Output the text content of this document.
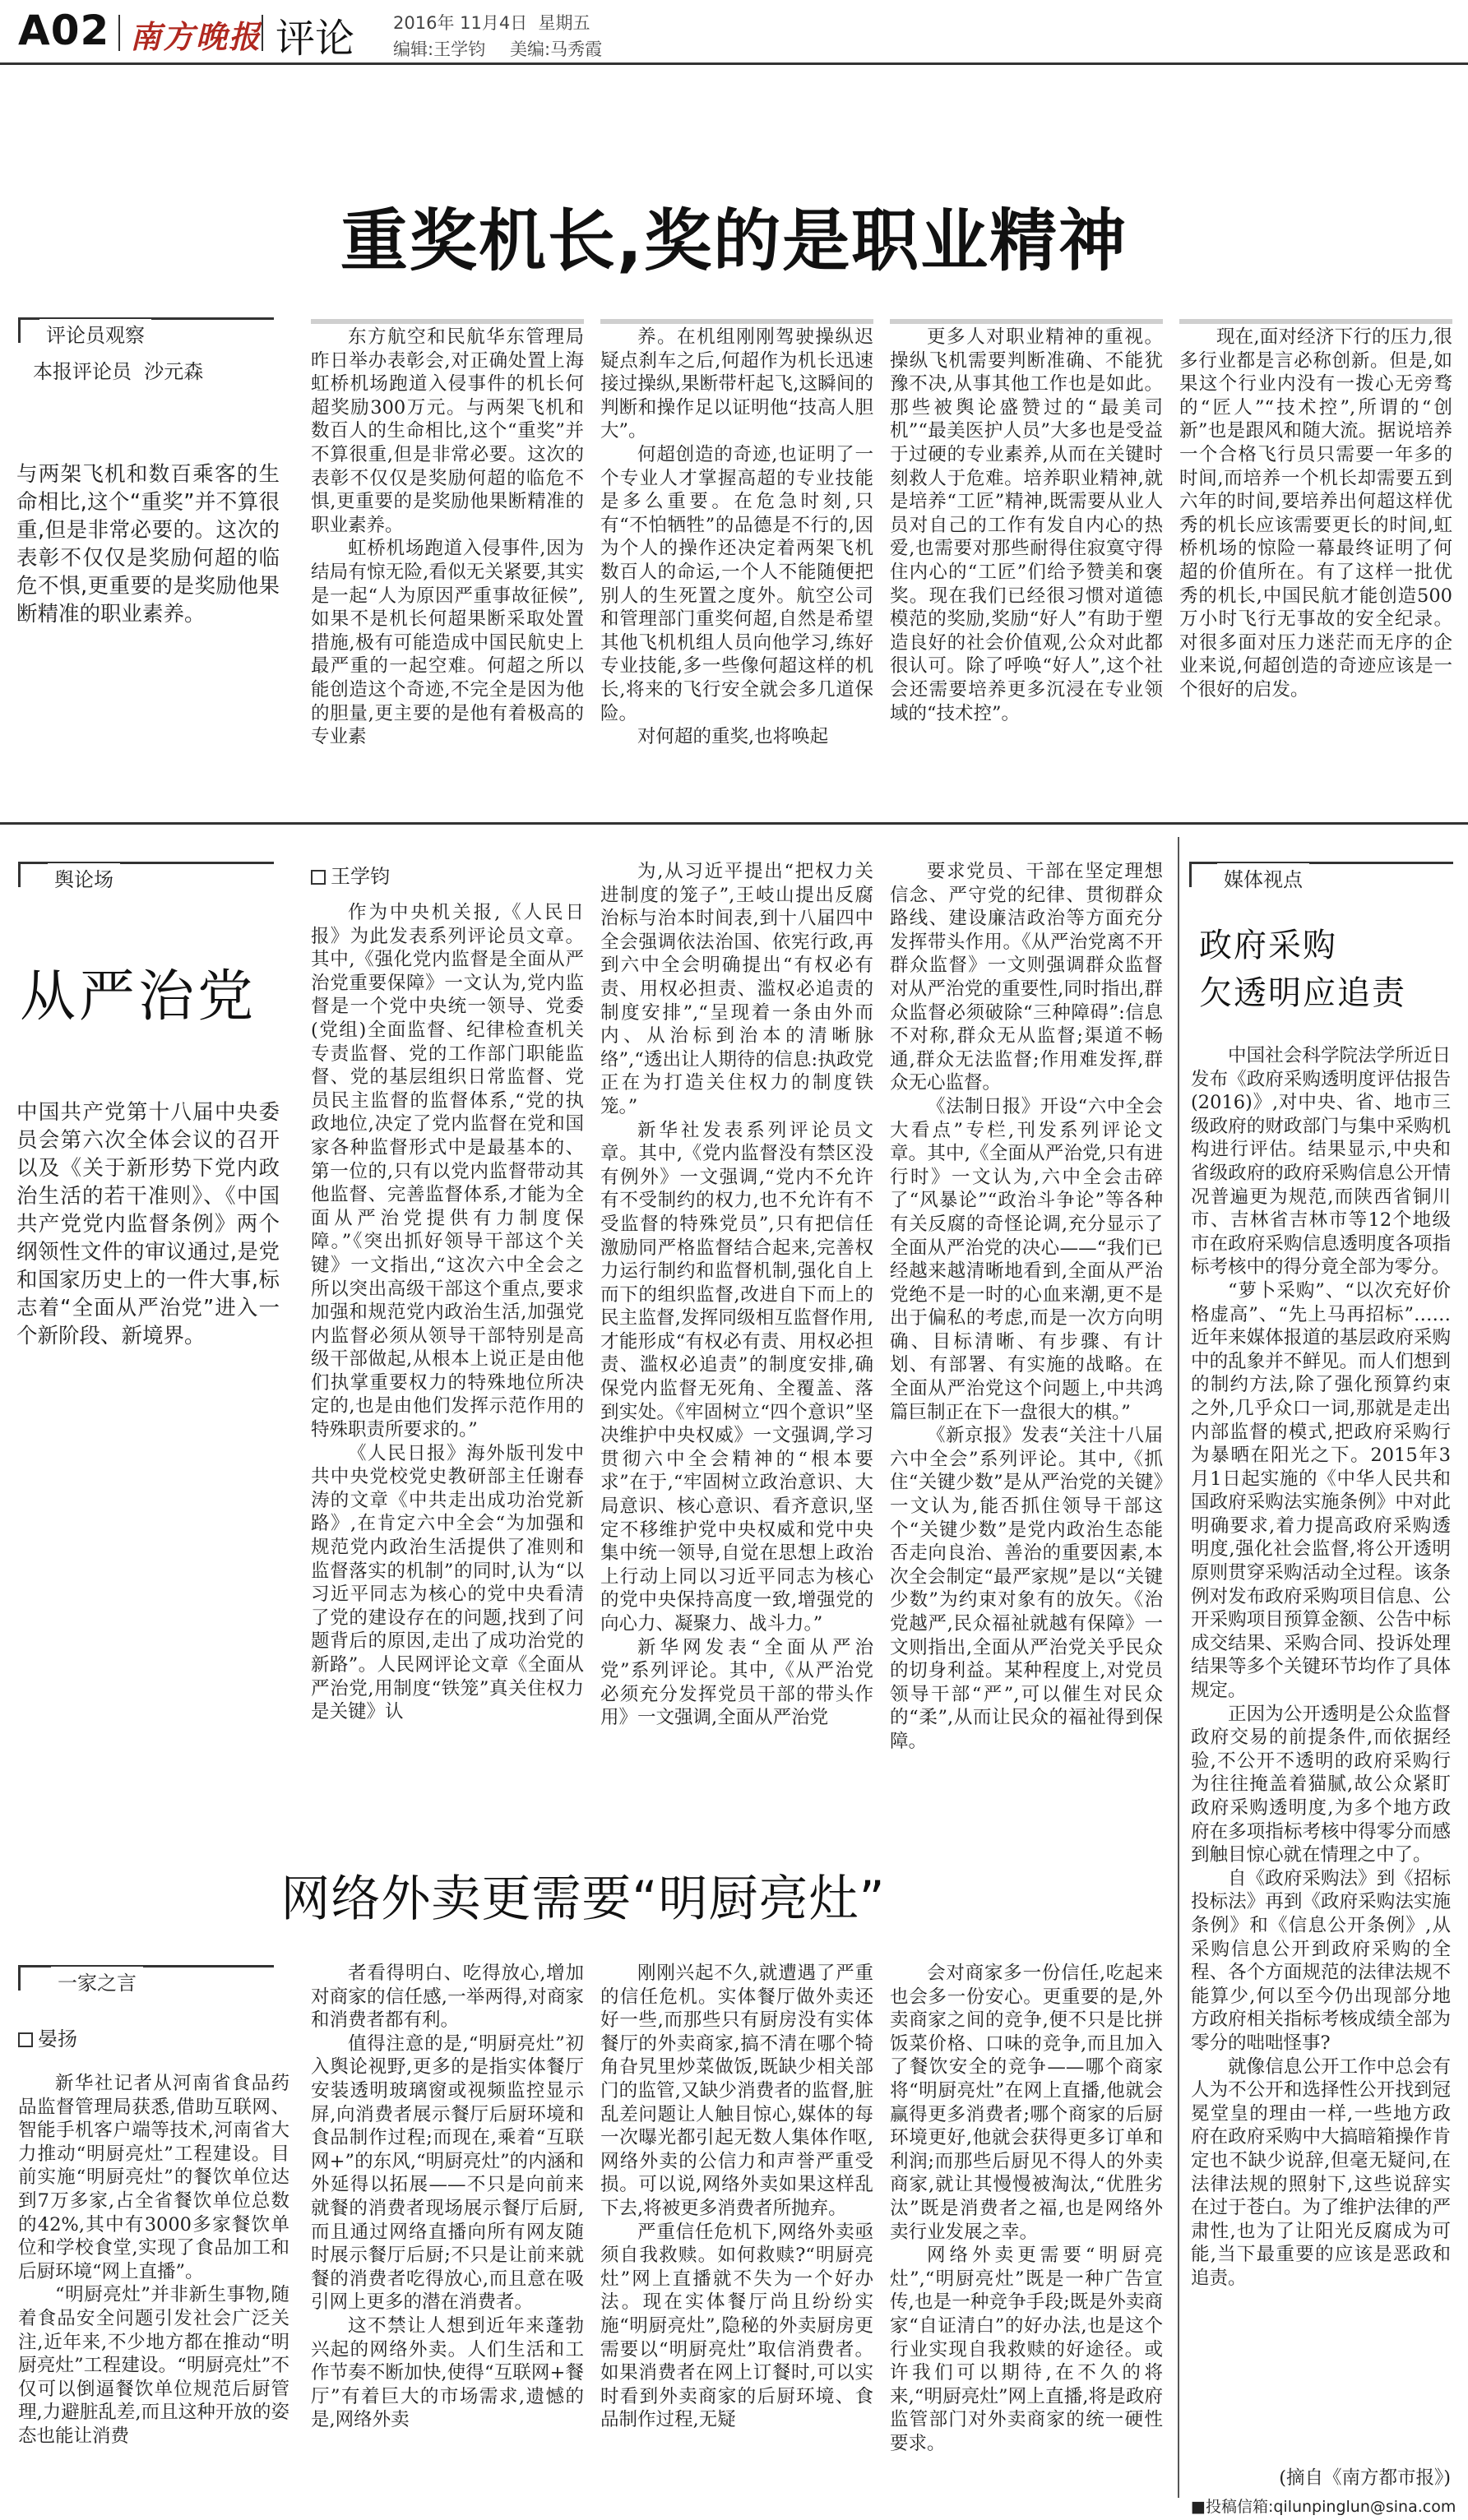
A02 南方晚报 评论 2016年 11月4日  星期五
编辑:王学钧 美编:马秀霞
重奖机长,奖的是职业精神
评论员观察
本报评论员  沙元森
与两架飞机和数百乘客的生命相比,这个“重奖”并不算很重,但是非常必要的。这次的表彰不仅仅是奖励何超的临危不惧,更重要的是奖励他果断精准的职业素养。

东方航空和民航华东管理局昨日举办表彰会,对正确处置上海虹桥机场跑道入侵事件的机长何超奖励300万元。与两架飞机和数百人的生命相比,这个“重奖”并不算很重,但是非常必要。这次的表彰不仅仅是奖励何超的临危不惧,更重要的是奖励他果断精准的职业素养。

虹桥机场跑道入侵事件,因为结局有惊无险,看似无关紧要,其实是一起“人为原因严重事故征候”,如果不是机长何超果断采取处置措施,极有可能造成中国民航史上最严重的一起空难。何超之所以能创造这个奇迹,不完全是因为他的胆量,更主要的是他有着极高的专业素

养。在机组刚刚驾驶操纵迟疑点刹车之后,何超作为机长迅速接过操纵,果断带杆起飞,这瞬间的判断和操作足以证明他“技高人胆大”。

何超创造的奇迹,也证明了一个专业人才掌握高超的专业技能是多么重要。在危急时刻,只有“不怕牺牲”的品德是不行的,因为个人的操作还决定着两架飞机数百人的命运,一个人不能随便把别人的生死置之度外。航空公司和管理部门重奖何超,自然是希望其他飞机机组人员向他学习,练好专业技能,多一些像何超这样的机长,将来的飞行安全就会多几道保险。

对何超的重奖,也将唤起

更多人对职业精神的重视。操纵飞机需要判断准确、不能犹豫不决,从事其他工作也是如此。那些被舆论盛赞过的“最美司机”“最美医护人员”大多也是受益于过硬的专业素养,从而在关键时刻救人于危难。培养职业精神,就是培养“工匠”精神,既需要从业人员对自己的工作有发自内心的热爱,也需要对那些耐得住寂寞守得住内心的“工匠”们给予赞美和褒奖。现在我们已经很习惯对道德模范的奖励,奖励“好人”有助于塑造良好的社会价值观,公众对此都很认可。除了呼唤“好人”,这个社会还需要培养更多沉浸在专业领域的“技术控”。

现在,面对经济下行的压力,很多行业都是言必称创新。但是,如果这个行业内没有一拨心无旁骛的“匠人”“技术控”,所谓的“创新”也是跟风和随大流。据说培养一个合格飞行员只需要一年多的时间,而培养一个机长却需要五到六年的时间,要培养出何超这样优秀的机长应该需要更长的时间,虹桥机场的惊险一幕最终证明了何超的价值所在。有了这样一批优秀的机长,中国民航才能创造500万小时飞行无事故的安全纪录。对很多面对压力迷茫而无序的企业来说,何超创造的奇迹应该是一个很好的启发。

舆论场
从严治党
中国共产党第十八届中央委员会第六次全体会议的召开以及《关于新形势下党内政治生活的若干准则》、《中国共产党党内监督条例》两个纲领性文件的审议通过,是党和国家历史上的一件大事,标志着“全面从严治党”进入一个新阶段、新境界。
王学钧

作为中央机关报,《人民日报》为此发表系列评论员文章。其中,《强化党内监督是全面从严治党重要保障》一文认为,党内监督是一个党中央统一领导、党委(党组)全面监督、纪律检查机关专责监督、党的工作部门职能监督、党的基层组织日常监督、党员民主监督的监督体系,“党的执政地位,决定了党内监督在党和国家各种监督形式中是最基本的、第一位的,只有以党内监督带动其他监督、完善监督体系,才能为全面从严治党提供有力制度保障。”《突出抓好领导干部这个关键》一文指出,“这次六中全会之所以突出高级干部这个重点,要求加强和规范党内政治生活,加强党内监督必须从领导干部特别是高级干部做起,从根本上说正是由他们执掌重要权力的特殊地位所决定的,也是由他们发挥示范作用的特殊职责所要求的。”

《人民日报》海外版刊发中共中央党校党史教研部主任谢春涛的文章《中共走出成功治党新路》,在肯定六中全会“为加强和规范党内政治生活提供了准则和监督落实的机制”的同时,认为“以习近平同志为核心的党中央看清了党的建设存在的问题,找到了问题背后的原因,走出了成功治党的新路”。人民网评论文章《全面从严治党,用制度“铁笼”真关住权力是关键》认

为,从习近平提出“把权力关进制度的笼子”,王岐山提出反腐治标与治本时间表,到十八届四中全会强调依法治国、依宪行政,再到六中全会明确提出“有权必有责、用权必担责、滥权必追责的制度安排”,“呈现着一条由外而内、从治标到治本的清晰脉络”,“透出让人期待的信息:执政党正在为打造关住权力的制度铁笼。”

新华社发表系列评论员文章。其中,《党内监督没有禁区没有例外》一文强调,“党内不允许有不受制约的权力,也不允许有不受监督的特殊党员”,只有把信任激励同严格监督结合起来,完善权力运行制约和监督机制,强化自上而下的组织监督,改进自下而上的民主监督,发挥同级相互监督作用,才能形成“有权必有责、用权必担责、滥权必追责”的制度安排,确保党内监督无死角、全覆盖、落到实处。《牢固树立“四个意识”坚决维护中央权威》一文强调,学习贯彻六中全会精神的“根本要求”在于,“牢固树立政治意识、大局意识、核心意识、看齐意识,坚定不移维护党中央权威和党中央集中统一领导,自觉在思想上政治上行动上同以习近平同志为核心的党中央保持高度一致,增强党的向心力、凝聚力、战斗力。”

新华网发表“全面从严治党”系列评论。其中,《从严治党必须充分发挥党员干部的带头作用》一文强调,全面从严治党

要求党员、干部在坚定理想信念、严守党的纪律、贯彻群众路线、建设廉洁政治等方面充分发挥带头作用。《从严治党离不开群众监督》一文则强调群众监督对从严治党的重要性,同时指出,群众监督必须破除“三种障碍”:信息不对称,群众无从监督;渠道不畅通,群众无法监督;作用难发挥,群众无心监督。

《法制日报》开设“六中全会大看点”专栏,刊发系列评论文章。其中,《全面从严治党,只有进行时》一文认为,六中全会击碎了“风暴论”“政治斗争论”等各种有关反腐的奇怪论调,充分显示了全面从严治党的决心——“我们已经越来越清晰地看到,全面从严治党绝不是一时的心血来潮,更不是出于偏私的考虑,而是一次方向明确、目标清晰、有步骤、有计划、有部署、有实施的战略。在全面从严治党这个问题上,中共鸿篇巨制正在下一盘很大的棋。”

《新京报》发表“关注十八届六中全会”系列评论。其中,《抓住“关键少数”是从严治党的关键》一文认为,能否抓住领导干部这个“关键少数”是党内政治生态能否走向良治、善治的重要因素,本次全会制定“最严家规”是以“关键少数”为约束对象有的放矢。《治党越严,民众福祉就越有保障》一文则指出,全面从严治党关乎民众的切身利益。某种程度上,对党员领导干部“严”,可以催生对民众的“柔”,从而让民众的福祉得到保障。

媒体视点
政府采购
欠透明应追责

中国社会科学院法学所近日发布《政府采购透明度评估报告(2016)》,对中央、省、地市三级政府的财政部门与集中采购机构进行评估。结果显示,中央和省级政府的政府采购信息公开情况普遍更为规范,而陕西省铜川市、吉林省吉林市等12个地级市在政府采购信息透明度各项指标考核中的得分竟全部为零分。

“萝卜采购”、“以次充好价格虚高”、“先上马再招标”……近年来媒体报道的基层政府采购中的乱象并不鲜见。而人们想到的制约方法,除了强化预算约束之外,几乎众口一词,那就是走出内部监督的模式,把政府采购行为暴晒在阳光之下。2015年3月1日起实施的《中华人民共和国政府采购法实施条例》中对此明确要求,着力提高政府采购透明度,强化社会监督,将公开透明原则贯穿采购活动全过程。该条例对发布政府采购项目信息、公开采购项目预算金额、公告中标成交结果、采购合同、投诉处理结果等多个关键环节均作了具体规定。

正因为公开透明是公众监督政府交易的前提条件,而依据经验,不公开不透明的政府采购行为往往掩盖着猫腻,故公众紧盯政府采购透明度,为多个地方政府在多项指标考核中得零分而感到触目惊心就在情理之中了。

自《政府采购法》到《招标投标法》再到《政府采购法实施条例》和《信息公开条例》,从采购信息公开到政府采购的全程、各个方面规范的法律法规不能算少,何以至今仍出现部分地方政府相关指标考核成绩全部为零分的咄咄怪事?

就像信息公开工作中总会有人为不公开和选择性公开找到冠冕堂皇的理由一样,一些地方政府在政府采购中大搞暗箱操作肯定也不缺少说辞,但毫无疑问,在法律法规的照射下,这些说辞实在过于苍白。为了维护法律的严肃性,也为了让阳光反腐成为可能,当下最重要的应该是恶政和追责。

(摘自《南方都市报》)
■投稿信箱:qilunpinglun@sina.com
网络外卖更需要“明厨亮灶”
一家之言
晏扬

新华社记者从河南省食品药品监督管理局获悉,借助互联网、智能手机客户端等技术,河南省大力推动“明厨亮灶”工程建设。目前实施“明厨亮灶”的餐饮单位达到7万多家,占全省餐饮单位总数的42%,其中有3000多家餐饮单位和学校食堂,实现了食品加工和后厨环境“网上直播”。

“明厨亮灶”并非新生事物,随着食品安全问题引发社会广泛关注,近年来,不少地方都在推动“明厨亮灶”工程建设。“明厨亮灶”不仅可以倒逼餐饮单位规范后厨管理,力避脏乱差,而且这种开放的姿态也能让消费

者看得明白、吃得放心,增加对商家的信任感,一举两得,对商家和消费者都有利。

值得注意的是,“明厨亮灶”初入舆论视野,更多的是指实体餐厅安装透明玻璃窗或视频监控显示屏,向消费者展示餐厅后厨环境和食品制作过程;而现在,乘着“互联网+”的东风,“明厨亮灶”的内涵和外延得以拓展——不只是向前来就餐的消费者现场展示餐厅后厨,而且通过网络直播向所有网友随时展示餐厅后厨;不只是让前来就餐的消费者吃得放心,而且意在吸引网上更多的潜在消费者。

这不禁让人想到近年来蓬勃兴起的网络外卖。人们生活和工作节奏不断加快,使得“互联网+餐厅”有着巨大的市场需求,遗憾的是,网络外卖

刚刚兴起不久,就遭遇了严重的信任危机。实体餐厅做外卖还好一些,而那些只有厨房没有实体餐厅的外卖商家,搞不清在哪个犄角旮旯里炒菜做饭,既缺少相关部门的监管,又缺少消费者的监督,脏乱差问题让人触目惊心,媒体的每一次曝光都引起无数人集体作呕,网络外卖的公信力和声誉严重受损。可以说,网络外卖如果这样乱下去,将被更多消费者所抛弃。

严重信任危机下,网络外卖亟须自我救赎。如何救赎?“明厨亮灶”网上直播就不失为一个好办法。现在实体餐厅尚且纷纷实施“明厨亮灶”,隐秘的外卖厨房更需要以“明厨亮灶”取信消费者。如果消费者在网上订餐时,可以实时看到外卖商家的后厨环境、食品制作过程,无疑

会对商家多一份信任,吃起来也会多一份安心。更重要的是,外卖商家之间的竞争,便不只是比拼饭菜价格、口味的竞争,而且加入了餐饮安全的竞争——哪个商家将“明厨亮灶”在网上直播,他就会赢得更多消费者;哪个商家的后厨环境更好,他就会获得更多订单和利润;而那些后厨见不得人的外卖商家,就让其慢慢被淘汰,“优胜劣汰”既是消费者之福,也是网络外卖行业发展之幸。

网络外卖更需要“明厨亮灶”,“明厨亮灶”既是一种广告宣传,也是一种竞争手段;既是外卖商家“自证清白”的好办法,也是这个行业实现自我救赎的好途径。或许我们可以期待,在不久的将来,“明厨亮灶”网上直播,将是政府监管部门对外卖商家的统一硬性要求。
